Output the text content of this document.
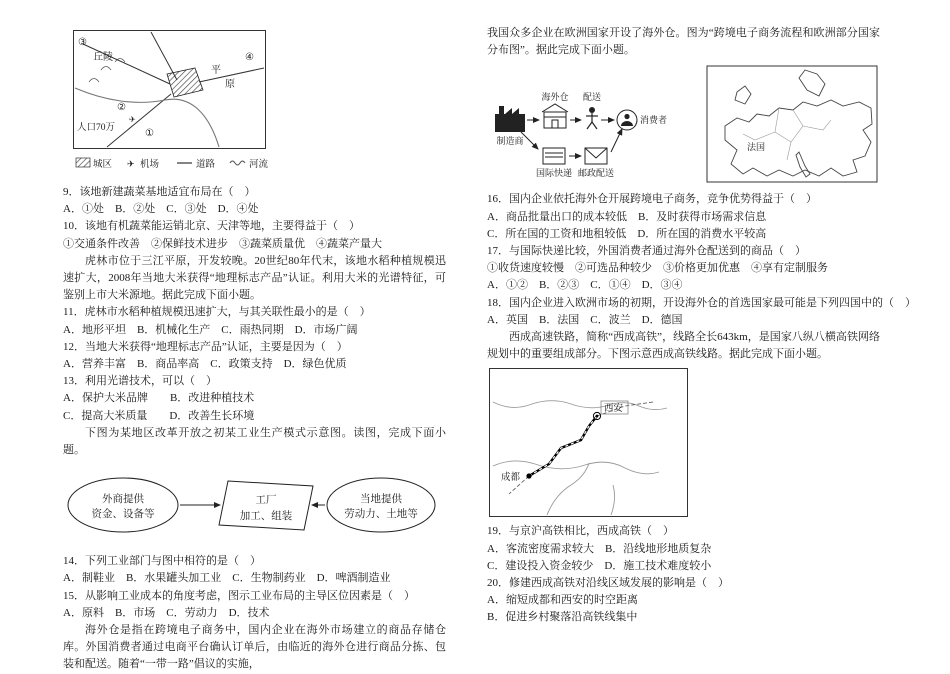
✈
③
丘陵	④
平
原
②
人口70万	①
城区 ✈ 机场	道路	河流
9．该地新建蔬菜基地适宜布局在（　）
A．①处　B．②处　C．③处　D．④处
10．该地有机蔬菜能运销北京、天津等地，主要得益于（　）
①交通条件改善　②保鲜技术进步　③蔬菜质量优　④蔬菜产量大
虎林市位于三江平原，开发较晚。20世纪80年代末，该地水稻种植规模迅速扩大，2008年当地大米获得“地理标志产品”认证。利用大米的光谱特征，可鉴别上市大米源地。据此完成下面小题。
11．虎林市水稻种植规模迅速扩大，与其关联性最小的是（　）
A．地形平坦　B．机械化生产　C．雨热同期　D．市场广阔
12．当地大米获得“地理标志产品”认证，主要是因为（　）
A．营养丰富　B．商品率高　C．政策支持　D．绿色优质
13．利用光谱技术，可以（　）
A．保护大米品牌　　B．改进种植技术
C．提高大米质量　　D．改善生长环境
下图为某地区改革开放之初某工业生产模式示意图。读图，完成下面小题。
外商提供
资金、设备等
工厂
加工、组装
当地提供
劳动力、土地等
14．下列工业部门与图中相符的是（　）
A．制鞋业　B．水果罐头加工业　C．生物制药业　D．啤酒制造业
15．从影响工业成本的角度考虑，图示工业布局的主导区位因素是（　）
A．原料　B．市场　C．劳动力　D．技术
海外仓是指在跨境电子商务中，国内企业在海外市场建立的商品存储仓库。外国消费者通过电商平台确认订单后，由临近的海外仓进行商品分拣、包装和配送。随着“一带一路”倡议的实施，
我国众多企业在欧洲国家开设了海外仓。图为“跨境电子商务流程和欧洲部分国家分布图”。据此完成下面小题。
制造商
海外仓 配送
消费者
国际快递 邮政配送
法国
16．国内企业依托海外仓开展跨境电子商务，竞争优势得益于（　）
A．商品批量出口的成本较低　B．及时获得市场需求信息
C．所在国的工资和地租较低　D．所在国的消费水平较高
17．与国际快递比较，外国消费者通过海外仓配送到的商品（　）
①收货速度较慢　②可选品种较少　③价格更加优惠　④享有定制服务
A．①②　B．②③　C．①④　D．③④
18．国内企业进入欧洲市场的初期，开设海外仓的首选国家最可能是下列四国中的（　）
A．英国　B．法国　C．波兰　D．德国
西成高速铁路，简称“西成高铁”，线路全长643km，是国家八纵八横高铁网络规划中的重要组成部分。下图示意西成高铁线路。据此完成下面小题。
成都
西安
19．与京沪高铁相比，西成高铁（　）
A．客流密度需求较大　B．沿线地形地质复杂
C．建设投入资金较少　D．施工技术难度较小
20．修建西成高铁对沿线区域发展的影响是（　）
A．缩短成都和西安的时空距离
B．促进乡村聚落沿高铁线集中
